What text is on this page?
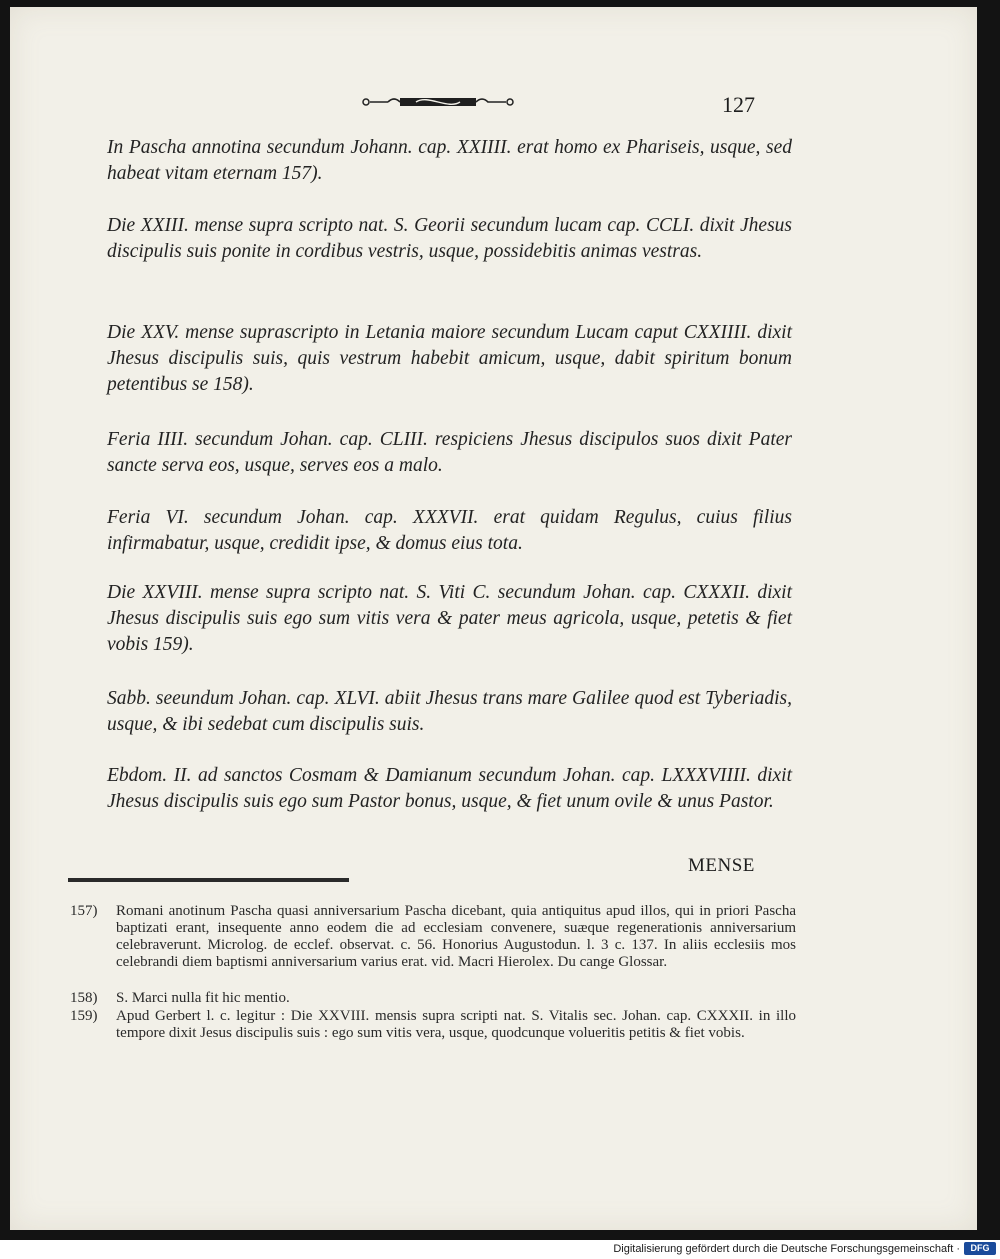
127

In Pascha annotina secundum Johann. cap. XXIIII. erat homo ex Phariseis, usque, sed habeat vitam eternam 157).

Die XXIII. mense supra scripto nat. S. Georii secundum lucam cap. CCLI. dixit Jhesus discipulis suis ponite in cordibus vestris, usque, possidebitis animas vestras.

Die XXV. mense suprascripto in Letania maiore secundum Lucam caput CXXIIII. dixit Jhesus discipulis suis, quis vestrum habebit amicum, usque, dabit spiritum bonum petentibus se 158).

Feria IIII. secundum Johan. cap. CLIII. respiciens Jhesus discipulos suos dixit Pater sancte serva eos, usque, serves eos a malo.

Feria VI. secundum Johan. cap. XXXVII. erat quidam Regulus, cuius filius infirmabatur, usque, credidit ipse, & domus eius tota.

Die XXVIII. mense supra scripto nat. S. Viti C. secundum Johan. cap. CXXXII. dixit Jhesus discipulis suis ego sum vitis vera & pater meus agricola, usque, petetis & fiet vobis 159).

Sabb. seeundum Johan. cap. XLVI. abiit Jhesus trans mare Galilee quod est Tyberiadis, usque, & ibi sedebat cum discipulis suis.

Ebdom. II. ad sanctos Cosmam & Damianum secundum Johan. cap. LXXXVIIII. dixit Jhesus discipulis suis ego sum Pastor bonus, usque, & fiet unum ovile & unus Pastor.

MENSE
157)	Romani anotinum Pascha quasi anniversarium Pascha dicebant, quia antiquitus apud illos, qui in priori Pascha baptizati erant, insequente anno eodem die ad ecclesiam convenere, suæque regenerationis anniversarium celebraverunt. Microlog. de ecclef. observat. c. 56. Honorius Augustodun. l. 3 c. 137. In aliis ecclesiis mos celebrandi diem baptismi anniversarium varius erat. vid. Macri Hierolex. Du cange Glossar.
158)	S. Marci nulla fit hic mentio.
159)	Apud Gerbert l. c. legitur : Die XXVIII. mensis supra scripti nat. S. Vitalis sec. Johan. cap. CXXXII. in illo tempore dixit Jesus discipulis suis : ego sum vitis vera, usque, quodcunque volueritis petitis & fiet vobis.
Digitalisierung gefördert durch die Deutsche Forschungsgemeinschaft ·	DFG
